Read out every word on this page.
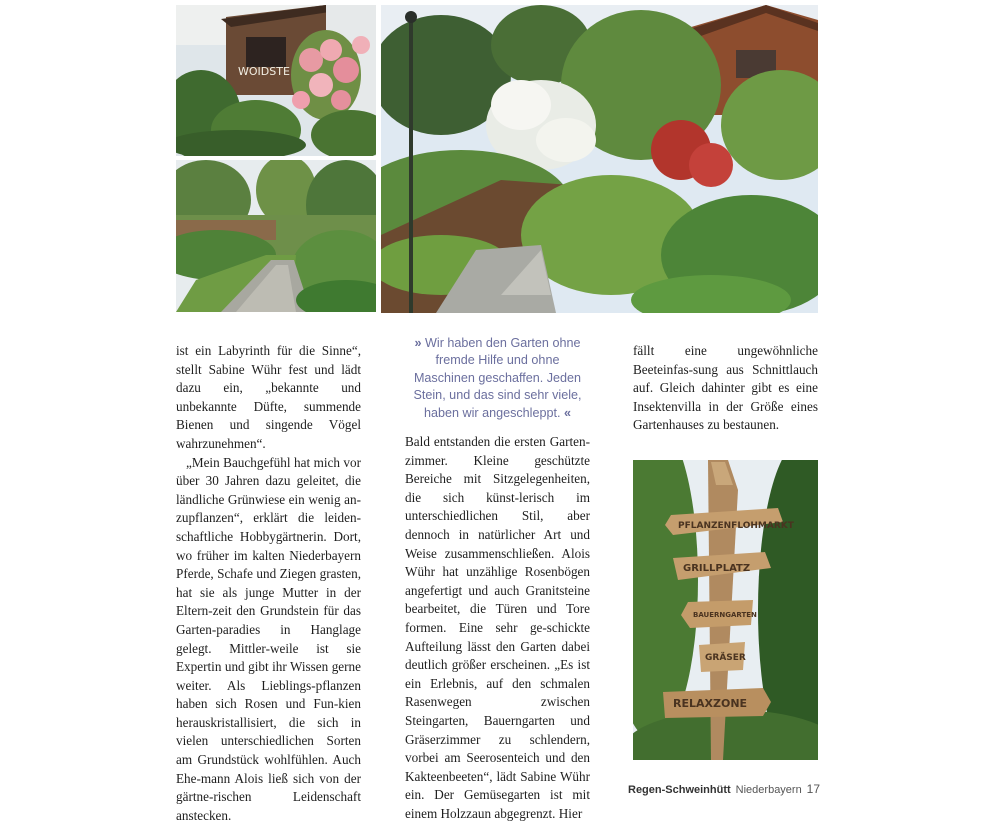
WOIDSTE
PFLANZENFLOHMARKT
GRILLPLATZ
BAUERNGARTEN
GRÄSER
RELAXZONE

ist ein Labyrinth für die Sinne“, stellt Sabine Wühr fest und lädt dazu ein, „bekannte und unbekannte Düfte, summende Bienen und singende Vögel wahrzunehmen“.

„Mein Bauchgefühl hat mich vor über 30 Jahren dazu geleitet, die ländliche Grünwiese ein wenig an-zupflanzen“, erklärt die leiden-schaftliche Hobbygärtnerin. Dort, wo früher im kalten Niederbayern Pferde, Schafe und Ziegen grasten, hat sie als junge Mutter in der Eltern-zeit den Grundstein für das Garten-paradies in Hanglage gelegt. Mittler-weile ist sie Expertin und gibt ihr Wissen gerne weiter. Als Lieblings-pflanzen haben sich Rosen und Fun-kien herauskristallisiert, die sich in vielen unterschiedlichen Sorten am Grundstück wohlfühlen. Auch Ehe-mann Alois ließ sich von der gärtne-rischen Leidenschaft anstecken.

» Wir haben den Garten ohne fremde Hilfe und ohne Maschinen geschaffen. Jeden Stein, und das sind sehr viele, haben wir angeschleppt. «

Bald entstanden die ersten Garten-zimmer. Kleine geschützte Bereiche mit Sitzgelegenheiten, die sich künst-lerisch im unterschiedlichen Stil, aber dennoch in natürlicher Art und Weise zusammenschließen. Alois Wühr hat unzählige Rosenbögen angefertigt und auch Granitsteine bearbeitet, die Türen und Tore formen. Eine sehr ge-schickte Aufteilung lässt den Garten dabei deutlich größer erscheinen. „Es ist ein Erlebnis, auf den schmalen Rasenwegen zwischen Steingarten, Bauerngarten und Gräserzimmer zu schlendern, vorbei am Seerosenteich und den Kakteenbeeten“, lädt Sabine Wühr ein. Der Gemüsegarten ist mit einem Holzzaun abgegrenzt. Hier

fällt eine ungewöhnliche Beeteinfas-sung aus Schnittlauch auf. Gleich dahinter gibt es eine Insektenvilla in der Größe eines Gartenhauses zu bestaunen.

Regen-Schweinhütt Niederbayern 17
